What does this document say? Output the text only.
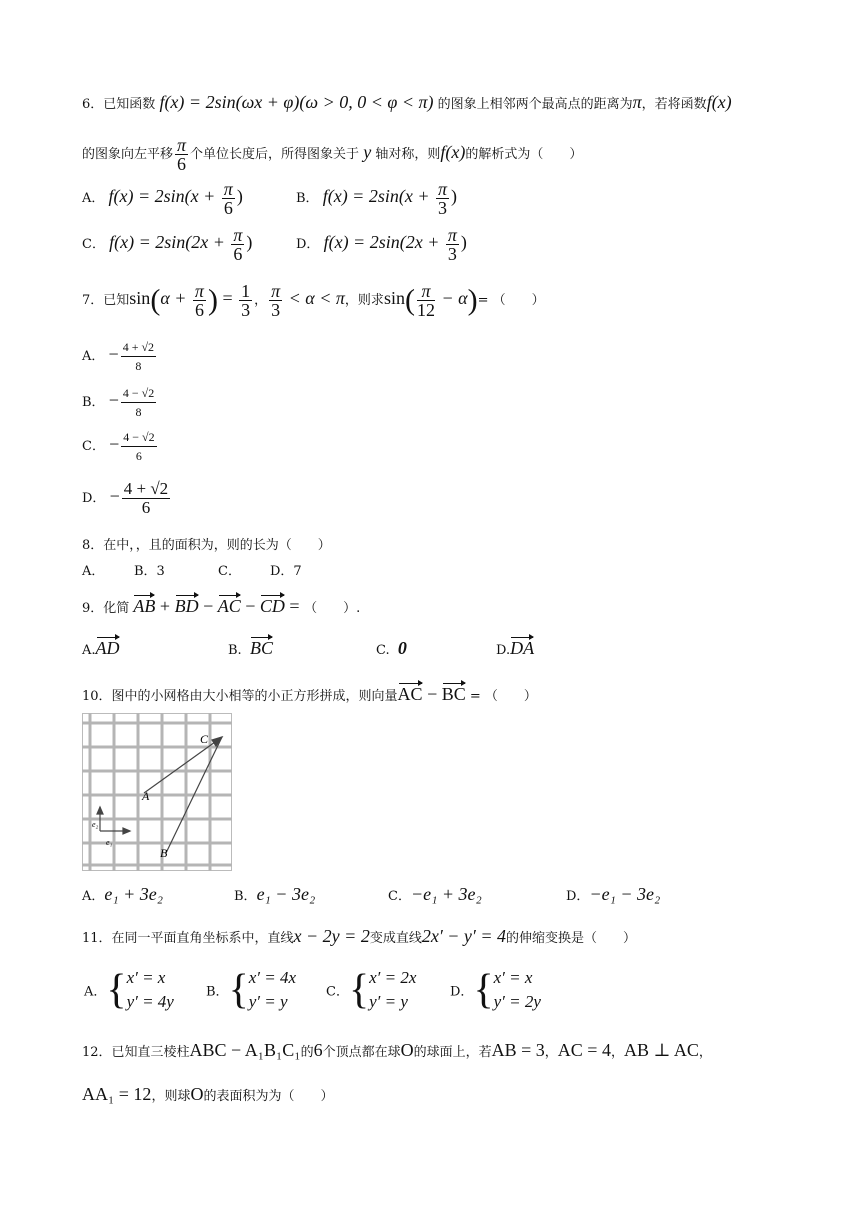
6．已知函数 f(x) = 2sin(ωx + φ)(ω > 0, 0 < φ < π) 的图象上相邻两个最高点的距离为π，若将函数f(x)
的图象向左平移 $\frac{\pi}{6}$ 个单位长度后，所得图象关于 y 轴对称，则f(x)的解析式为（　　）
A． $f(x) = 2\sin(x + \frac{\pi}{6}$ )	B． $f(x) = 2\sin(x + \frac{\pi}{3}$ )
C． $f(x) = 2\sin(2x + \frac{\pi}{6}$ )	D． $f(x) = 2\sin(2x + \frac{\pi}{3}$ )
7．已知$\sin(\alpha + \frac{\pi}{6}$ ) = $\frac{1}{3}$ ， $\frac{\pi}{3} < \alpha < \pi$，则求$\sin( \frac{\pi}{12} - \alpha)=$ （　　）
A． − $\frac{4 + √2}{8}$
B． − $\frac{4 - √2}{8}$
C． − $\frac{4 - √2}{6}$
D． − $\frac{4 + √2}{6}$
8．在中，，且的面积为，则的长为（　　）
A． B．3	C． D．7
9．化简 AB + BD − AC − CD = （　　）.
A.AD	B. BC	C. 0	D.DA
10．图中的小网格由大小相等的小正方形拼成，则向量AC − BC = （　　）
A
B
C
e₁
e₂
A．e₁ + 3e₂	B．e₁ − 3e₂	C．−e₁ + 3e₂	D．−e₁ − 3e₂
11．在同一平面直角坐标系中，直线x − 2y = 2变成直线2x′ − y′ = 4的伸缩变换是（　　）
A．{ x′ = x
y′ = 4y B．{ x′ = 4x
y′ = y	C．{ x′ = 2x
y′ = y	D．{ x′ = x
y′ = 2y
12．已知直三棱柱ABC − A₁B₁C₁的6个顶点都在球O的球面上，若AB = 3，AC = 4，AB ⊥ AC，
AA₁ = 12，则球O的表面积为为（　　）
